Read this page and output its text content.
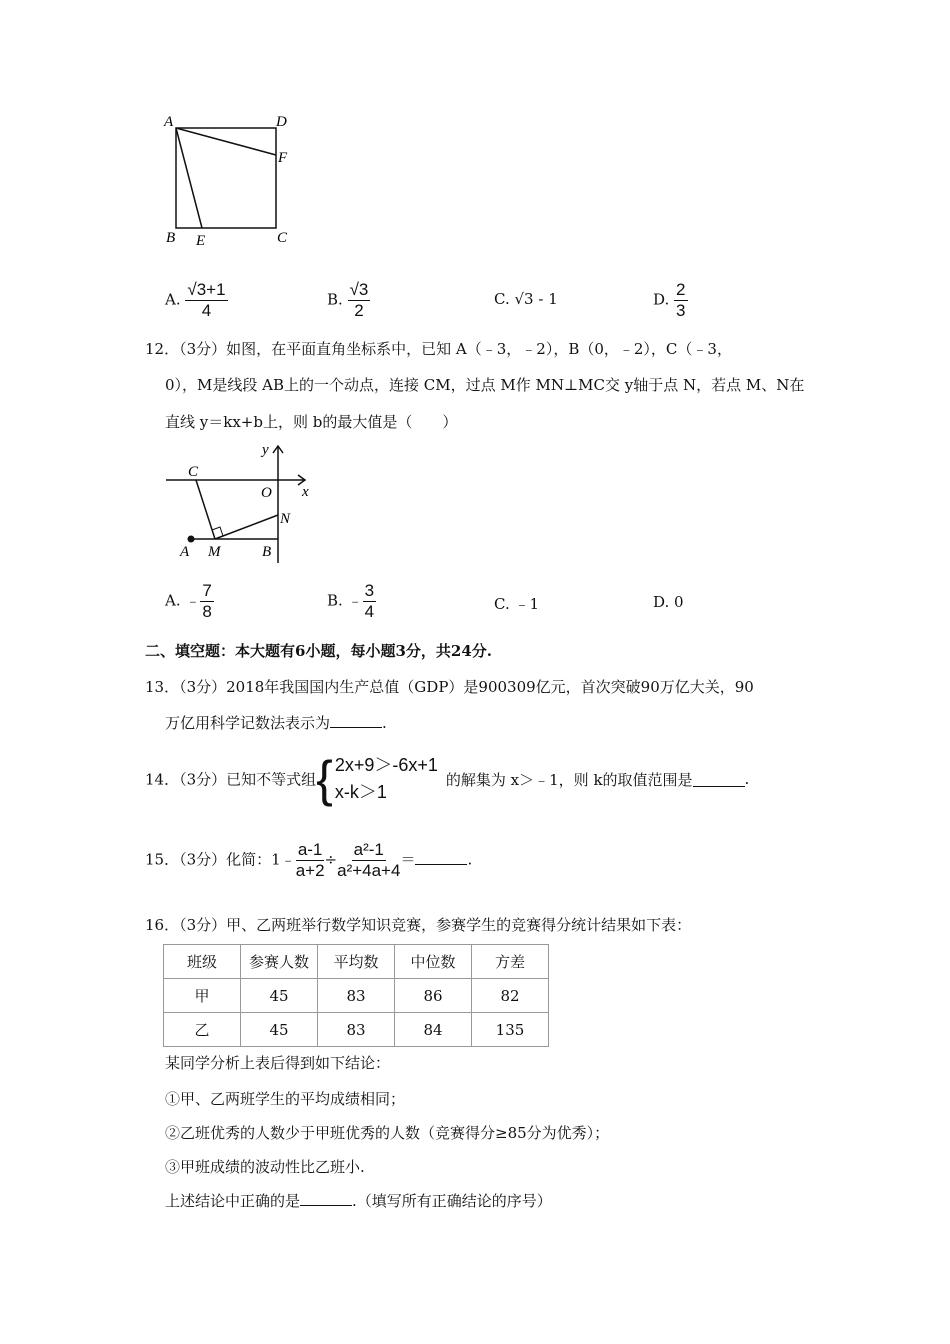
A	D
F
B E	C
A. $\frac{√3+1}{4}$	B. $\frac{√3}{2}$	C. √3 - 1	D. $\frac{2}{3}$
12．（3分）如图，在平面直角坐标系中，已知 A（﹣3，﹣2），B（0，﹣2），C（﹣3，
0），M是线段 AB上的一个动点，连接 CM，过点 M作 MN⊥MC交 y轴于点 N，若点 M、N在
直线 y＝kx+b上，则 b的最大值是（　　）
y
x
O
C
N
A M	B
A. ﹣ $\frac{7}{8}$	B. ﹣ $\frac{3}{4}$	C. ﹣1	D. 0
二、填空题：本大题有6小题，每小题3分，共24分.
13．（3分）2018年我国国内生产总值（GDP）是900309亿元，首次突破90万亿大关，90
万亿用科学记数法表示为	.
14．（3分）已知不等式组 { 2x+9＞-6x+1
x-k＞1
的解集为 x＞﹣1，则 k的取值范围是	.
15．（3分）化简：1﹣ $\frac{a-1}{a+2} \div \frac{\text{a²-1}}{\text{a²+4a+4}}$ ＝	.
16．（3分）甲、乙两班举行数学知识竞赛，参赛学生的竞赛得分统计结果如下表：
班级	参赛人数	平均数	中位数	方差
甲	45	83	86	82
乙	45	83	84	135
某同学分析上表后得到如下结论：
①甲、乙两班学生的平均成绩相同；
②乙班优秀的人数少于甲班优秀的人数（竞赛得分≥85分为优秀）；
③甲班成绩的波动性比乙班小.
上述结论中正确的是	.（填写所有正确结论的序号）
